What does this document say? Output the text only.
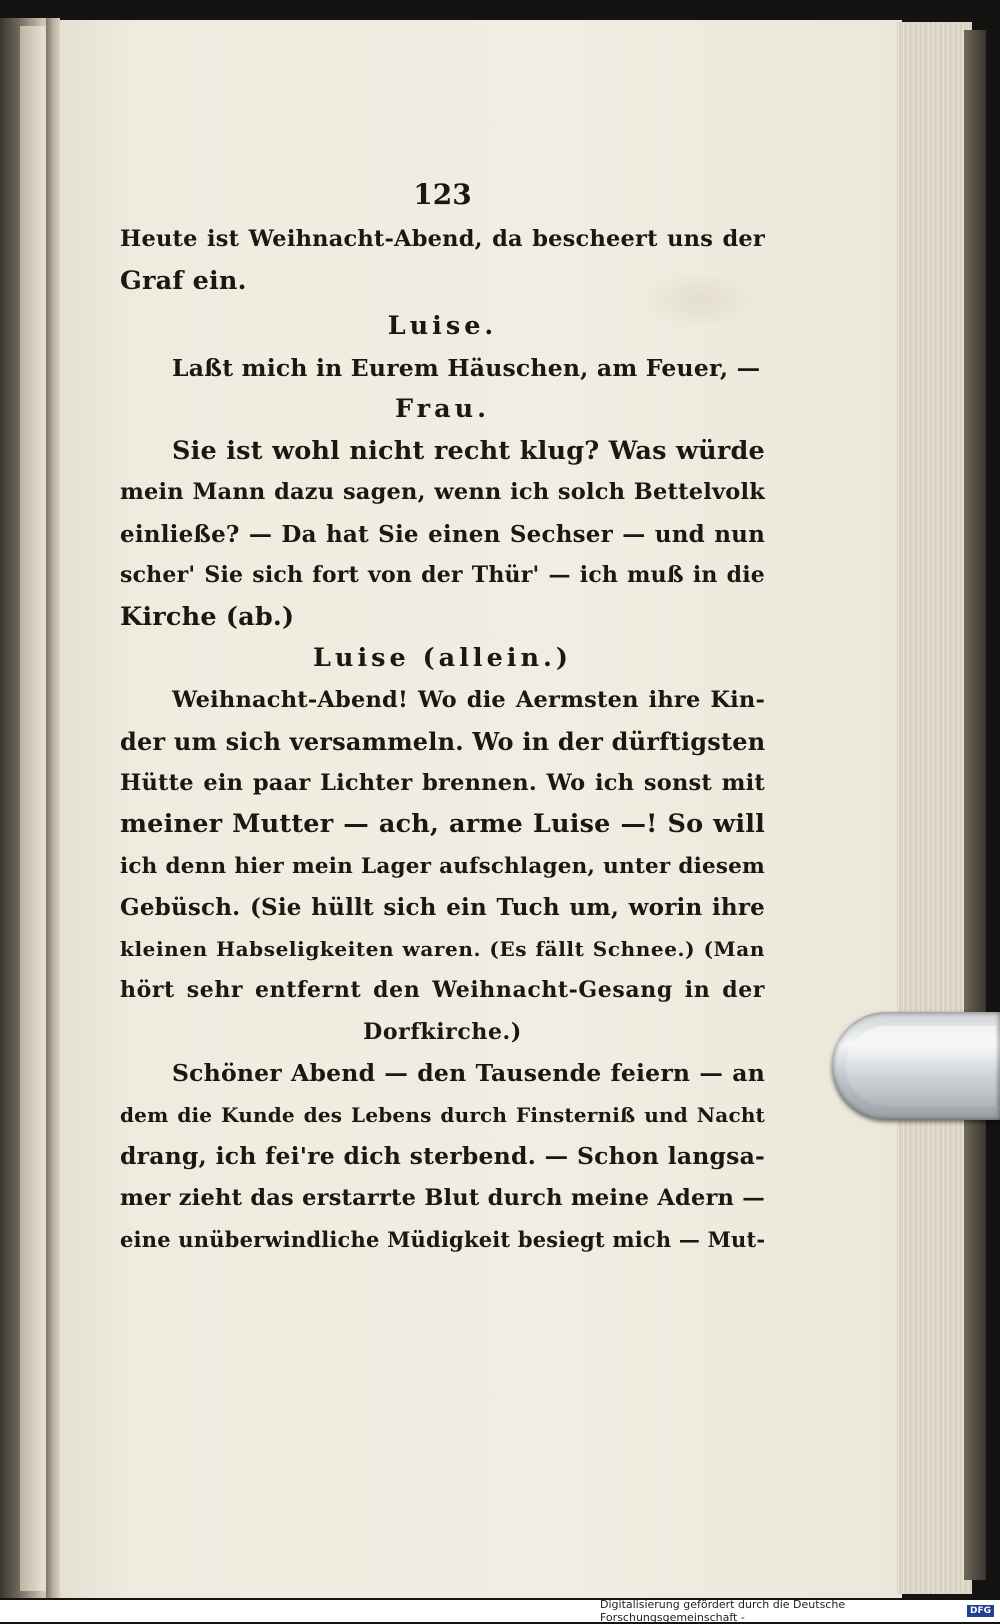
123
Heute ist Weihnacht-Abend, da bescheert uns der
Graf ein.
Luise.
Laßt mich in Eurem Häuschen, am Feuer, —
Frau.
Sie ist wohl nicht recht klug? Was würde
mein Mann dazu sagen, wenn ich solch Bettelvolk
einließe? — Da hat Sie einen Sechser — und nun
scher' Sie sich fort von der Thür' — ich muß in die
Kirche (ab.)
Luise (allein.)
Weihnacht-Abend! Wo die Aermsten ihre Kin-
der um sich versammeln. Wo in der dürftigsten
Hütte ein paar Lichter brennen. Wo ich sonst mit
meiner Mutter — ach, arme Luise —! So will
ich denn hier mein Lager aufschlagen, unter diesem
Gebüsch. (Sie hüllt sich ein Tuch um, worin ihre
kleinen Habseligkeiten waren. (Es fällt Schnee.) (Man
hört sehr entfernt den Weihnacht-Gesang in der
Dorfkirche.)
Schöner Abend — den Tausende feiern — an
dem die Kunde des Lebens durch Finsterniß und Nacht
drang, ich fei're dich sterbend. — Schon langsa-
mer zieht das erstarrte Blut durch meine Adern —
eine unüberwindliche Müdigkeit besiegt mich — Mut-
Digitalisierung gefördert durch die Deutsche Forschungsgemeinschaft -	DFG
